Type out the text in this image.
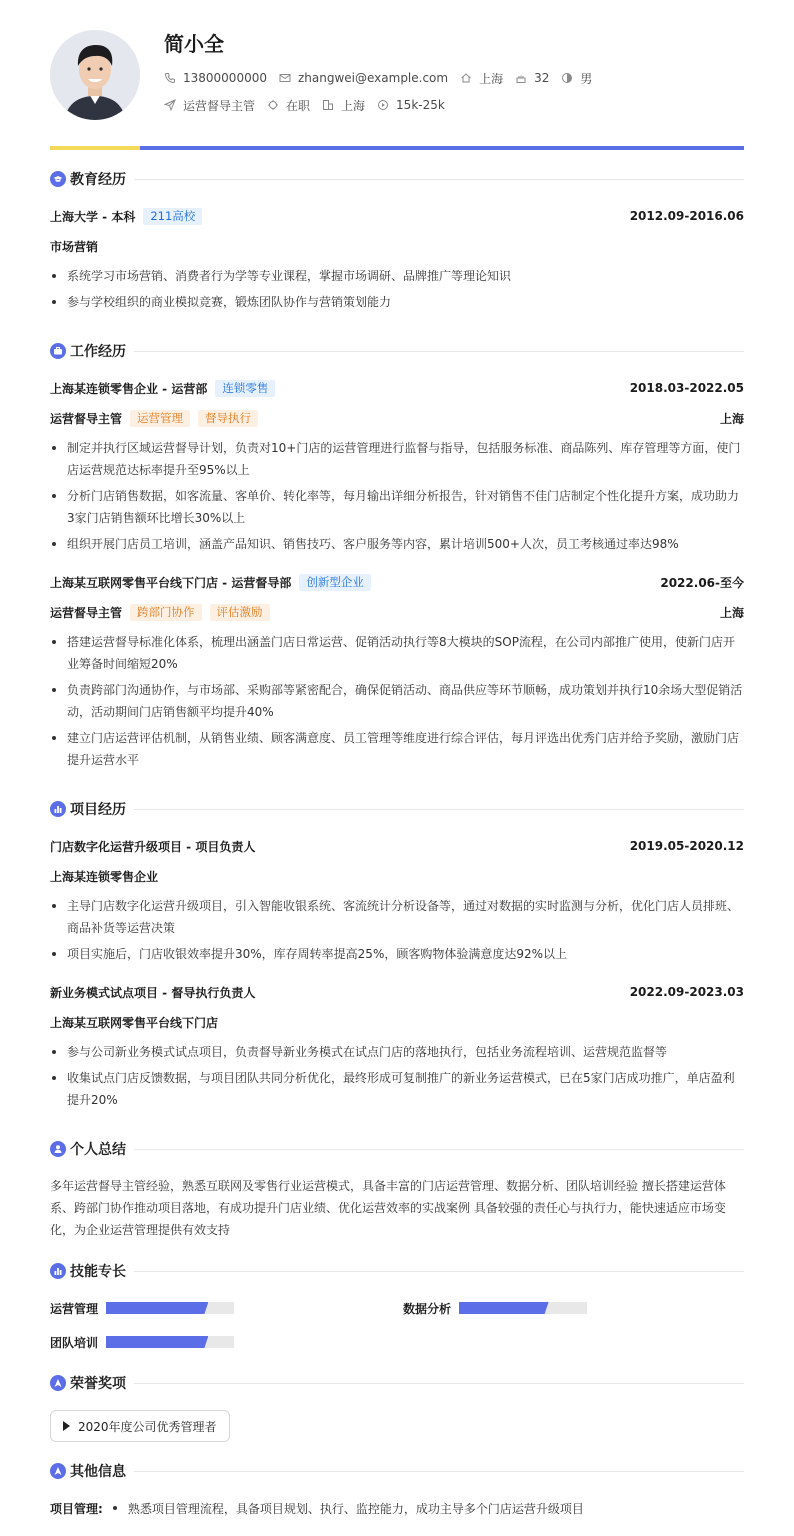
简小全
13800000000	zhangwei@example.com	上海	32	男
运营督导主管	在职	上海	15k-25k
教育经历
上海大学 - 本科	211高校	2012.09-2016.06
市场营销
系统学习市场营销、消费者行为学等专业课程，掌握市场调研、品牌推广等理论知识
参与学校组织的商业模拟竞赛，锻炼团队协作与营销策划能力
工作经历
上海某连锁零售企业 - 运营部	连锁零售	2018.03-2022.05
运营督导主管	运营管理	督导执行	上海
制定并执行区域运营督导计划，负责对10+门店的运营管理进行监督与指导，包括服务标准、商品陈列、库存管理等方面，使门店运营规范达标率提升至95%以上
分析门店销售数据，如客流量、客单价、转化率等，每月输出详细分析报告，针对销售不佳门店制定个性化提升方案，成功助力3家门店销售额环比增长30%以上
组织开展门店员工培训，涵盖产品知识、销售技巧、客户服务等内容，累计培训500+人次，员工考核通过率达98%
上海某互联网零售平台线下门店 - 运营督导部	创新型企业	2022.06-至今
运营督导主管	跨部门协作	评估激励	上海
搭建运营督导标准化体系，梳理出涵盖门店日常运营、促销活动执行等8大模块的SOP流程，在公司内部推广使用，使新门店开业筹备时间缩短20%
负责跨部门沟通协作，与市场部、采购部等紧密配合，确保促销活动、商品供应等环节顺畅，成功策划并执行10余场大型促销活动，活动期间门店销售额平均提升40%
建立门店运营评估机制，从销售业绩、顾客满意度、员工管理等维度进行综合评估，每月评选出优秀门店并给予奖励，激励门店提升运营水平
项目经历
门店数字化运营升级项目 - 项目负责人	2019.05-2020.12
上海某连锁零售企业
主导门店数字化运营升级项目，引入智能收银系统、客流统计分析设备等，通过对数据的实时监测与分析，优化门店人员排班、商品补货等运营决策
项目实施后，门店收银效率提升30%，库存周转率提高25%，顾客购物体验满意度达92%以上
新业务模式试点项目 - 督导执行负责人	2022.09-2023.03
上海某互联网零售平台线下门店
参与公司新业务模式试点项目，负责督导新业务模式在试点门店的落地执行，包括业务流程培训、运营规范监督等
收集试点门店反馈数据，与项目团队共同分析优化，最终形成可复制推广的新业务运营模式，已在5家门店成功推广，单店盈利提升20%
个人总结
多年运营督导主管经验，熟悉互联网及零售行业运营模式，具备丰富的门店运营管理、数据分析、团队培训经验 擅长搭建运营体系、跨部门协作推动项目落地，有成功提升门店业绩、优化运营效率的实战案例 具备较强的责任心与执行力，能快速适应市场变化，为企业运营管理提供有效支持
技能专长
运营管理	数据分析
团队培训
荣誉奖项
2020年度公司优秀管理者
其他信息
项目管理: 熟悉项目管理流程，具备项目规划、执行、监控能力，成功主导多个门店运营升级项目
